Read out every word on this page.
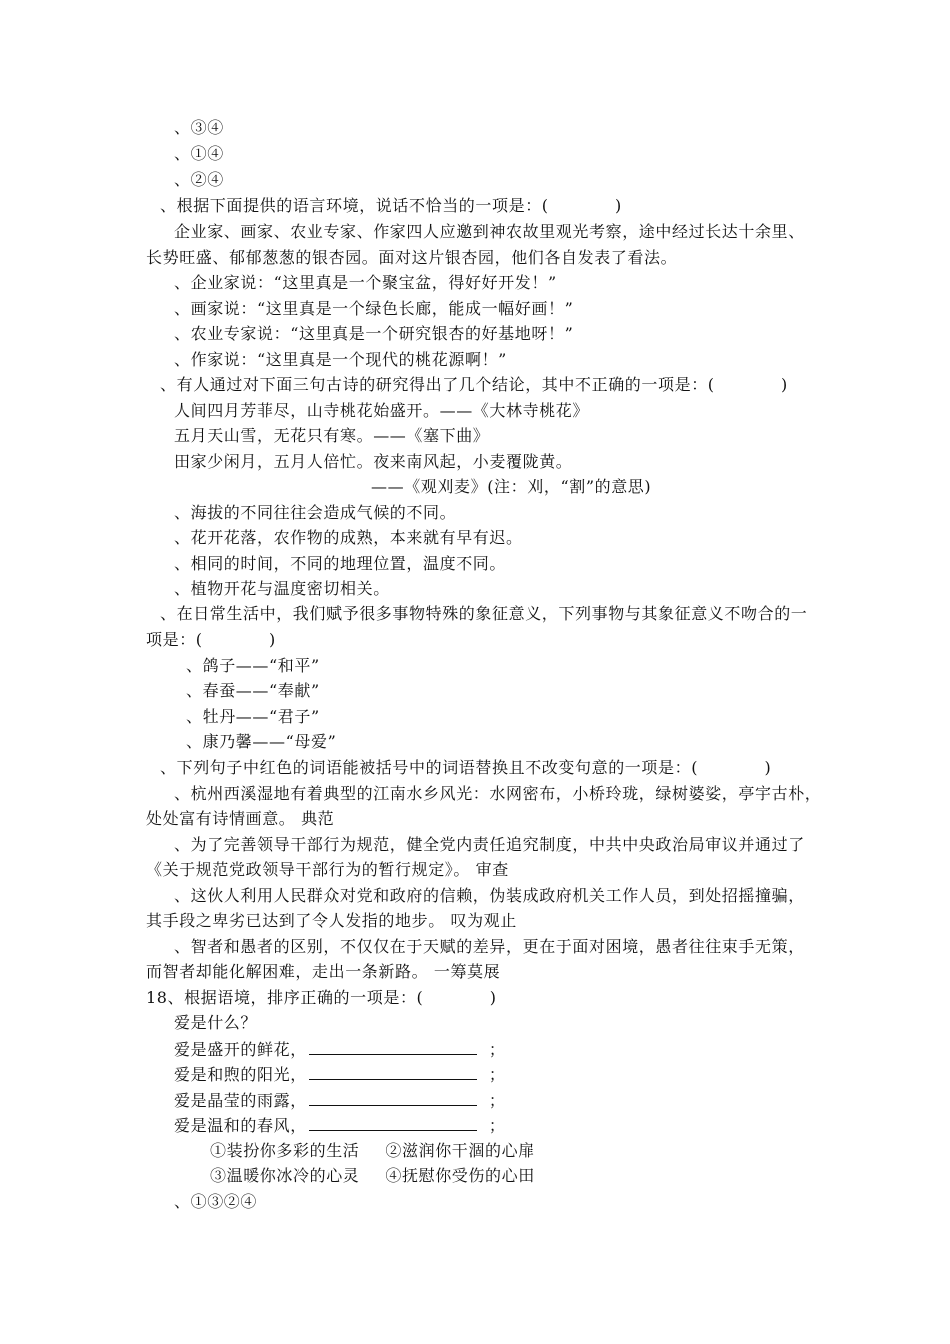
、③④
、①④
、②④
、根据下面提供的语言环境，说话不恰当的一项是：(　　　　)
企业家、画家、农业专家、作家四人应邀到神农故里观光考察，途中经过长达十余里、
长势旺盛、郁郁葱葱的银杏园。面对这片银杏园，他们各自发表了看法。
、企业家说：“这里真是一个聚宝盆，得好好开发！”
、画家说：“这里真是一个绿色长廊，能成一幅好画！”
、农业专家说：“这里真是一个研究银杏的好基地呀！”
、作家说：“这里真是一个现代的桃花源啊！”
、有人通过对下面三句古诗的研究得出了几个结论，其中不正确的一项是：(　　　　)
人间四月芳菲尽，山寺桃花始盛开。——《大林寺桃花》
五月天山雪，无花只有寒。——《塞下曲》
田家少闲月，五月人倍忙。夜来南风起，小麦覆陇黄。
——《观刈麦》(注：刈，“割”的意思)
、海拔的不同往往会造成气候的不同。
、花开花落，农作物的成熟，本来就有早有迟。
、相同的时间，不同的地理位置，温度不同。
、植物开花与温度密切相关。
、在日常生活中，我们赋予很多事物特殊的象征意义，下列事物与其象征意义不吻合的一
项是：(　　　　)
、鸽子——“和平”
、春蚕——“奉献”
、牡丹——“君子”
、康乃馨——“母爱”
、下列句子中红色的词语能被括号中的词语替换且不改变句意的一项是：(　　　　)
、杭州西溪湿地有着典型的江南水乡风光：水网密布，小桥玲珑，绿树婆娑，亭宇古朴，
处处富有诗情画意。 典范
、为了完善领导干部行为规范，健全党内责任追究制度，中共中央政治局审议并通过了
《关于规范党政领导干部行为的暂行规定》。 审查
、这伙人利用人民群众对党和政府的信赖，伪装成政府机关工作人员，到处招摇撞骗，
其手段之卑劣已达到了令人发指的地步。 叹为观止
、智者和愚者的区别，不仅仅在于天赋的差异，更在于面对困境，愚者往往束手无策，
而智者却能化解困难，走出一条新路。 一筹莫展
18、根据语境，排序正确的一项是：(　　　　)
爱是什么？
爱是盛开的鲜花，	；
爱是和煦的阳光，	；
爱是晶莹的雨露，	；
爱是温和的春风，	；
①装扮你多彩的生活 ②滋润你干涸的心扉
③温暖你冰冷的心灵 ④抚慰你受伤的心田
、①③②④
